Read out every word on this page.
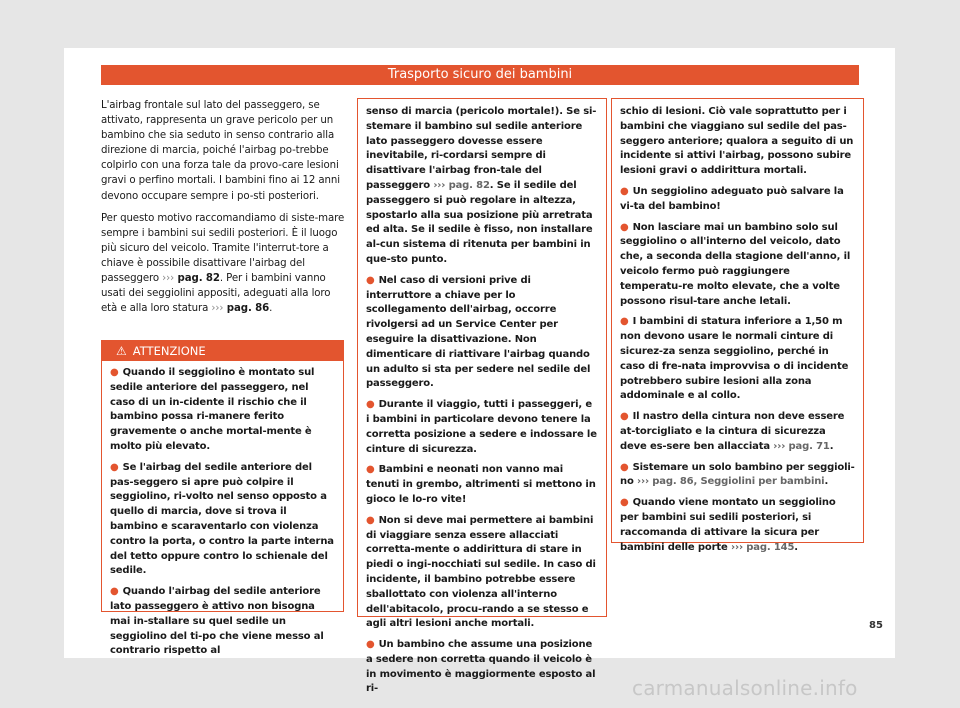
Trasporto sicuro dei bambini

L'airbag frontale sul lato del passeggero, se attivato, rappresenta un grave pericolo per un bambino che sia seduto in senso contrario alla direzione di marcia, poiché l'airbag po-trebbe colpirlo con una forza tale da provo-care lesioni gravi o perfino mortali. I bambini fino ai 12 anni devono occupare sempre i po-sti posteriori.

Per questo motivo raccomandiamo di siste-mare sempre i bambini sui sedili posteriori. È il luogo più sicuro del veicolo. Tramite l'interrut-tore a chiave è possibile disattivare l'airbag del passeggero ››› pag. 82. Per i bambini vanno usati dei seggiolini appositi, adeguati alla loro età e alla loro statura ››› pag. 86.

⚠ ATTENZIONE

● Quando il seggiolino è montato sul sedile anteriore del passeggero, nel caso di un in-cidente il rischio che il bambino possa ri-manere ferito gravemente o anche mortal-mente è molto più elevato.

● Se l'airbag del sedile anteriore del pas-seggero si apre può colpire il seggiolino, ri-volto nel senso opposto a quello di marcia, dove si trova il bambino e scaraventarlo con violenza contro la porta, o contro la parte interna del tetto oppure contro lo schienale del sedile.

● Quando l'airbag del sedile anteriore lato passeggero è attivo non bisogna mai in-stallare su quel sedile un seggiolino del ti-po che viene messo al contrario rispetto al

senso di marcia (pericolo mortale!). Se si-stemare il bambino sul sedile anteriore lato passeggero dovesse essere inevitabile, ri-cordarsi sempre di disattivare l'airbag fron-tale del passeggero ››› pag. 82. Se il sedile del passeggero si può regolare in altezza, spostarlo alla sua posizione più arretrata ed alta. Se il sedile è fisso, non installare al-cun sistema di ritenuta per bambini in que-sto punto.

● Nel caso di versioni prive di interruttore a chiave per lo scollegamento dell'airbag, occorre rivolgersi ad un Service Center per eseguire la disattivazione. Non dimenticare di riattivare l'airbag quando un adulto si sta per sedere nel sedile del passeggero.

● Durante il viaggio, tutti i passeggeri, e i bambini in particolare devono tenere la corretta posizione a sedere e indossare le cinture di sicurezza.

● Bambini e neonati non vanno mai tenuti in grembo, altrimenti si mettono in gioco le lo-ro vite!

● Non si deve mai permettere ai bambini di viaggiare senza essere allacciati corretta-mente o addirittura di stare in piedi o ingi-nocchiati sul sedile. In caso di incidente, il bambino potrebbe essere sballottato con violenza all'interno dell'abitacolo, procu-rando a se stesso e agli altri lesioni anche mortali.

● Un bambino che assume una posizione a sedere non corretta quando il veicolo è in movimento è maggiormente esposto al ri-

schio di lesioni. Ciò vale soprattutto per i bambini che viaggiano sul sedile del pas-seggero anteriore; qualora a seguito di un incidente si attivi l'airbag, possono subire lesioni gravi o addirittura mortali.

● Un seggiolino adeguato può salvare la vi-ta del bambino!

● Non lasciare mai un bambino solo sul seggiolino o all'interno del veicolo, dato che, a seconda della stagione dell'anno, il veicolo fermo può raggiungere temperatu-re molto elevate, che a volte possono risul-tare anche letali.

● I bambini di statura inferiore a 1,50 m non devono usare le normali cinture di sicurez-za senza seggiolino, perché in caso di fre-nata improvvisa o di incidente potrebbero subire lesioni alla zona addominale e al collo.

● Il nastro della cintura non deve essere at-torcigliato e la cintura di sicurezza deve es-sere ben allacciata ››› pag. 71.

● Sistemare un solo bambino per seggioli-no ››› pag. 86, Seggiolini per bambini.

● Quando viene montato un seggiolino per bambini sui sedili posteriori, si raccomanda di attivare la sicura per bambini delle porte ››› pag. 145.

85
carmanualsonline.info
